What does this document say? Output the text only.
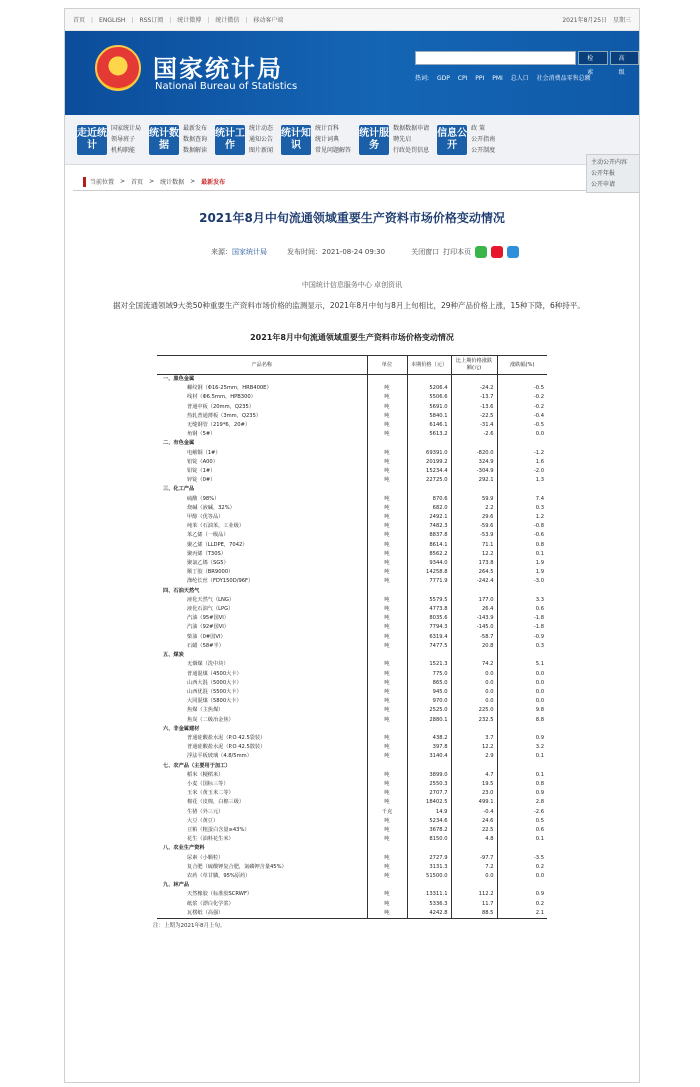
首页 | ENGLISH | RSS订阅 | 统计微博 | 统计微信 | 移动客户端	2021年8月25日 星期三
国家统计局
National Bureau of Statistics
检索
高级
热词: GDP CPI PPI PMI 总人口 社会消费品零售总额
走近统计
国家统计局
领导班子
机构职能
统计数据
最新发布
数据查询
数据解读
统计工作
统计动态
通知公告
图片新闻
统计知识
统计百科
统计词典
常见问题解答
统计服务
数据数据申请
聘先启
行政处罚信息
信息公开
政 策
公开指南
公开制度
主动公开内容
公开年报
公开申请
当前位置 > 首页 > 统计数据 > 最新发布
2021年8月中旬流通领域重要生产资料市场价格变动情况
来源： 国家统计局	发布时间： 2021-08-24 09:30	关闭窗口 打印本页
中国统计信息服务中心 卓创资讯

据对全国流通领域9大类50种重要生产资料市场价格的监测显示，2021年8月中旬与8月上旬相比，29种产品价格上涨，15种下降，6种持平。

2021年8月中旬流通领域重要生产资料市场价格变动情况
产品名称	单位	本期价格（元）	比上期价格涨跌额(元)	涨跌幅(%)
一、黑色金属				
螺纹钢（Φ16-25mm，HRB400E）	吨	5206.4	-24.2	-0.5
线材（Φ6.5mm，HPB300）	吨	5506.6	-13.7	-0.2
普通中板（20mm，Q235）	吨	5691.0	-13.6	-0.2
热轧普通薄板（3mm，Q235）	吨	5840.1	-22.5	-0.4
无缝钢管（219*6，20#）	吨	6146.1	-31.4	-0.5
角钢（5#）	吨	5613.2	-2.6	0.0
二、有色金属				
电解铜（1#）	吨	69391.0	-820.0	-1.2
铝锭（A00）	吨	20199.2	324.9	1.6
铅锭（1#）	吨	15234.4	-304.9	-2.0
锌锭（0#）	吨	22725.0	292.1	1.3
三、化工产品				
硫酸（98%）	吨	870.6	59.9	7.4
烧碱（液碱，32%）	吨	682.0	2.2	0.3
甲醇（优等品）	吨	2492.1	29.6	1.2
纯苯（石油苯，工业级）	吨	7482.3	-59.6	-0.8
苯乙烯（一级品）	吨	8837.8	-53.9	-0.6
聚乙烯（LLDPE，7042）	吨	8614.1	71.1	0.8
聚丙烯（T30S）	吨	8562.2	12.2	0.1
聚氯乙烯（SG5）	吨	9344.0	173.8	1.9
顺丁胶（BR9000）	吨	14258.8	264.5	1.9
涤纶长丝（FDY150D/96F）	吨	7771.9	-242.4	-3.0
四、石油天然气				
液化天然气（LNG）	吨	5579.5	177.0	3.3
液化石油气（LPG）	吨	4773.8	26.4	0.6
汽油（95#国VI）	吨	8035.6	-143.9	-1.8
汽油（92#国VI）	吨	7794.3	-145.0	-1.8
柴油（0#国VI）	吨	6319.4	-58.7	-0.9
石蜡（58#半）	吨	7477.5	20.8	0.3
五、煤炭				
无烟煤（洗中块）	吨	1521.3	74.2	5.1
普通混煤（4500大卡）	吨	775.0	0.0	0.0
山西大混（5000大卡）	吨	865.0	0.0	0.0
山西优混（5500大卡）	吨	945.0	0.0	0.0
大同混煤（5800大卡）	吨	970.0	0.0	0.0
焦煤（主焦煤）	吨	2525.0	225.0	9.8
焦炭（二级冶金焦）	吨	2880.1	232.5	8.8
六、非金属建材				
普通硅酸盐水泥（P.O 42.5袋装）	吨	438.2	3.7	0.9
普通硅酸盐水泥（P.O 42.5散装）	吨	397.8	12.2	3.2
浮法平板玻璃（4.8/5mm）	吨	3140.4	2.9	0.1
七、农产品（主要用于加工）				
稻米（粳稻米）	吨	3899.0	4.7	0.1
小麦（国标三等）	吨	2550.3	19.5	0.8
玉米（黄玉米二等）	吨	2707.7	23.0	0.9
棉花（皮棉，白棉三级）	吨	18402.5	499.1	2.8
生猪（外三元）	千克	14.9	-0.4	-2.6
大豆（黄豆）	吨	5234.6	24.6	0.5
豆粕（粗蛋白含量≥43%）	吨	3678.2	22.5	0.6
花生（油料花生米）	吨	8150.0	4.8	0.1
八、农业生产资料				
尿素（小颗粒）	吨	2727.9	-97.7	-3.5
复合肥（硫酸钾复合肥，氮磷钾含量45%）	吨	3131.3	7.2	0.2
农药（草甘膦，95%原药）	吨	51500.0	0.0	0.0
九、林产品				
天然橡胶（标准胶SCRWF）	吨	13311.1	112.2	0.9
纸浆（漂白化学浆）	吨	5336.3	11.7	0.2
瓦楞纸（高强）	吨	4242.8	88.5	2.1
注：上期为2021年8月上旬。
